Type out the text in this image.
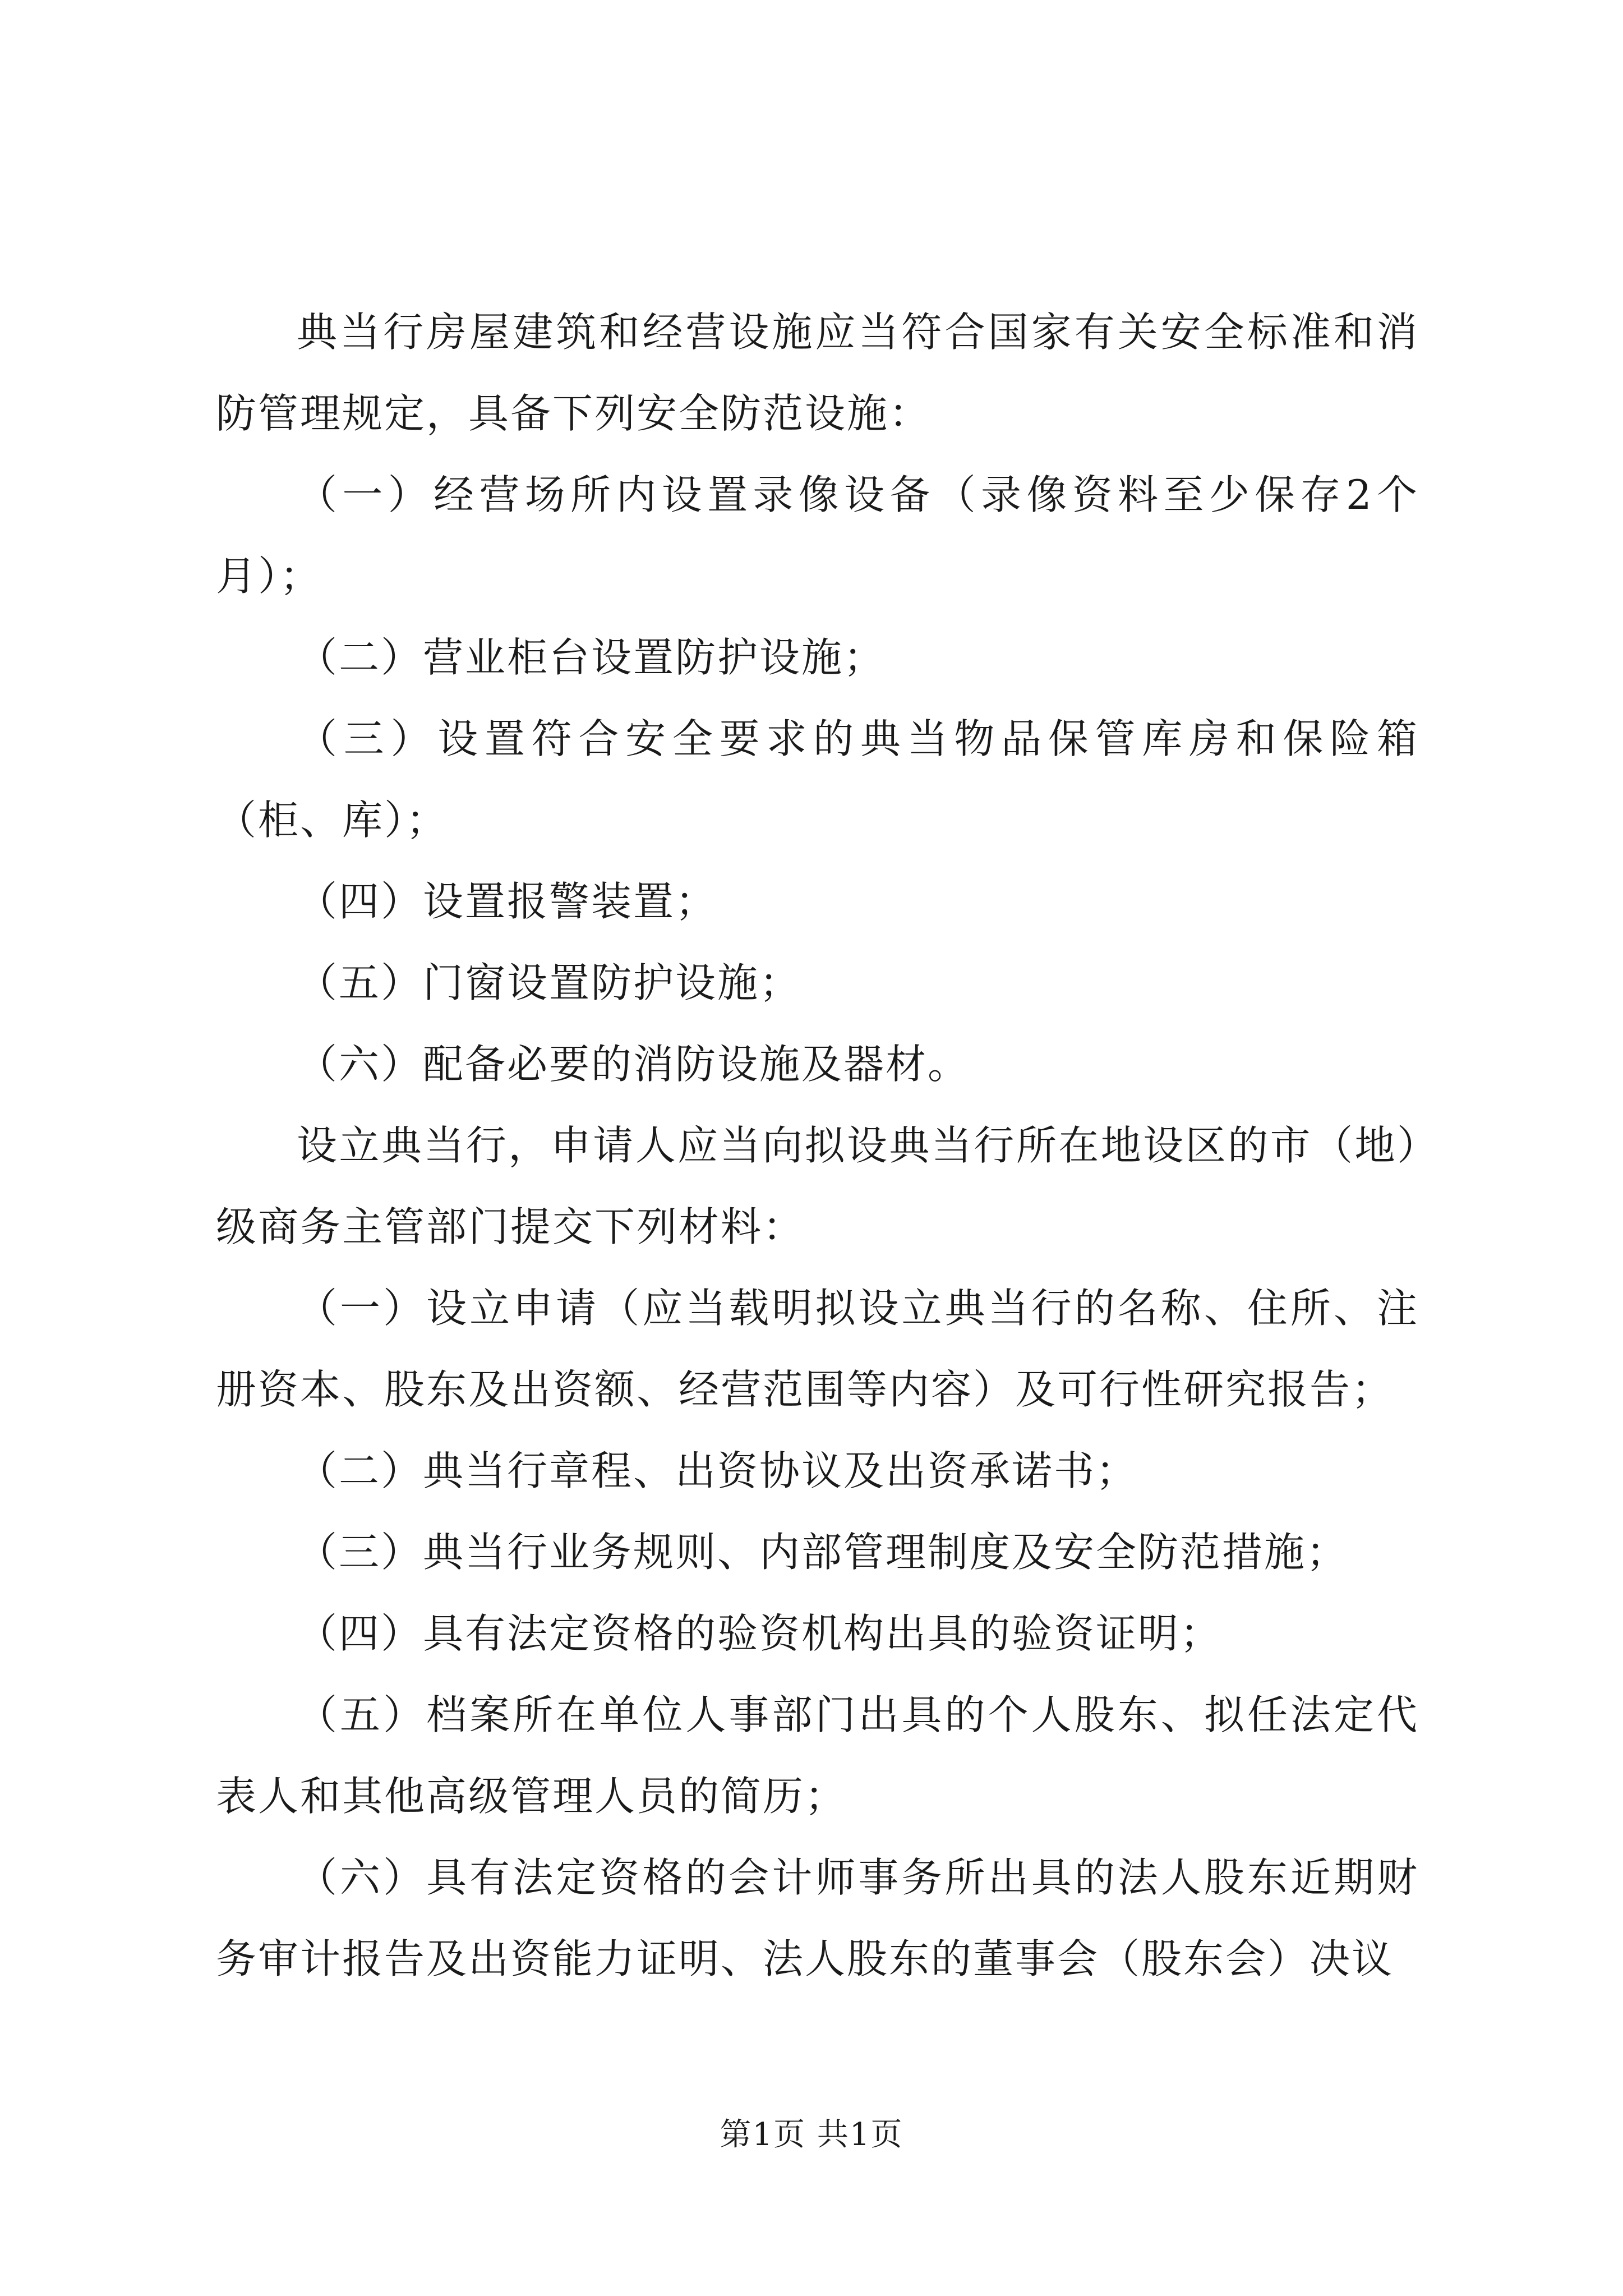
典当行房屋建筑和经营设施应当符合国家有关安全标准和消防管理规定，具备下列安全防范设施：

（一）经营场所内设置录像设备（录像资料至少保存2个月）；

（二）营业柜台设置防护设施；

（三）设置符合安全要求的典当物品保管库房和保险箱（柜、库）；

（四）设置报警装置；

（五）门窗设置防护设施；

（六）配备必要的消防设施及器材。

设立典当行，申请人应当向拟设典当行所在地设区的市（地）级商务主管部门提交下列材料：

（一）设立申请（应当载明拟设立典当行的名称、住所、注册资本、股东及出资额、经营范围等内容）及可行性研究报告；

（二）典当行章程、出资协议及出资承诺书；

（三）典当行业务规则、内部管理制度及安全防范措施；

（四）具有法定资格的验资机构出具的验资证明；

（五）档案所在单位人事部门出具的个人股东、拟任法定代表人和其他高级管理人员的简历；

（六）具有法定资格的会计师事务所出具的法人股东近期财务审计报告及出资能力证明、法人股东的董事会（股东会）决议

第1页 共1页
